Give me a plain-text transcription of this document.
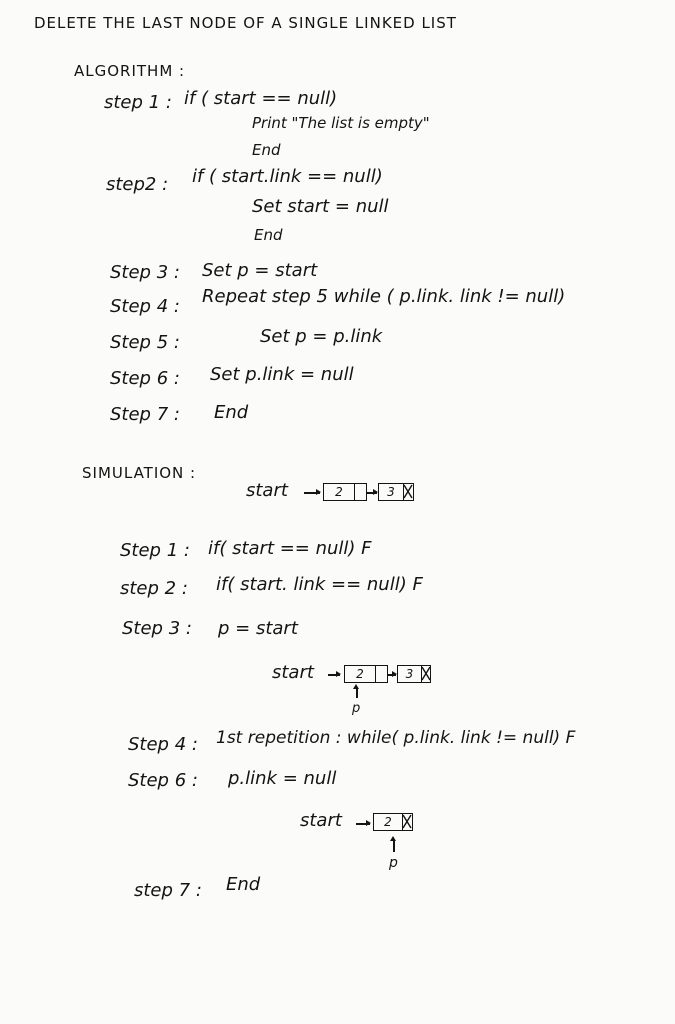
DELETE THE LAST NODE OF A SINGLE LINKED LIST
ALGORITHM :
step 1 : if ( start == null)
Print "The list is empty"
End
step2 : if ( start.link == null)
Set start = null
End
Step 3 : Set p = start
Step 4 : Repeat step 5 while ( p.link. link != null)
Step 5 :	Set p = p.link
Step 6 : Set p.link = null
Step 7 : End
SIMULATION :
start	2	3
Step 1 : if( start == null) F
step 2 : if( start. link == null) F
Step 3 : p = start
start	2	3
p
Step 4 : 1st repetition : while( p.link. link != null) F
Step 6 : p.link = null
start	2
p
step 7 : End
